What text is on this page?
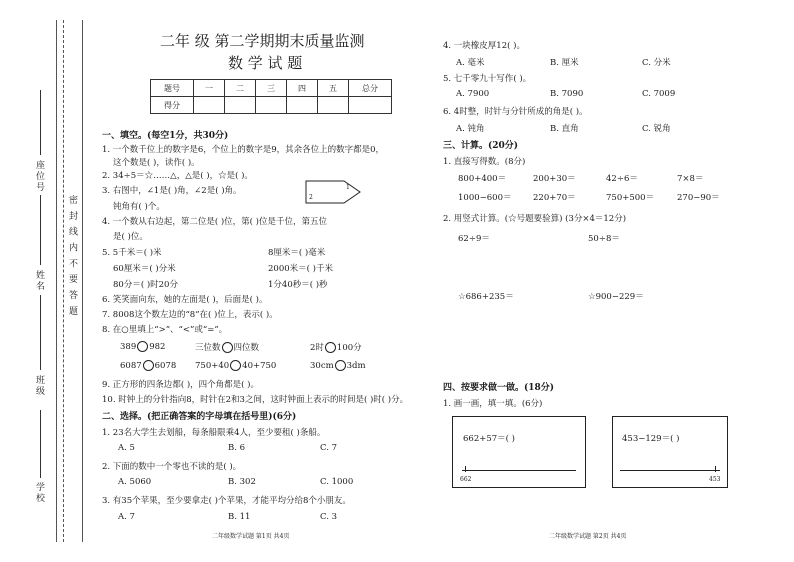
密 封 线 内 不 要 答 题
座位号
姓名
班级
学校
二年 级 第二学期期末质量监测
数 学 试 题
题号	一	二	三	四	五	总分
得分						
一、填空。(每空1分，共30分)
1. 一个数千位上的数字是6，个位上的数字是9，其余各位上的数字都是0，
这个数是( )，读作( )。
2. 34÷5＝☆……△，△是( )，☆是( )。
3. 右图中，∠1是( )角，∠2是( )角。
钝角有( )个。
1
2
4. 一个数从右边起，第二位是( )位，第( )位是千位，第五位
是( )位。
5. 5千米＝( )米	8厘米＝( )毫米
60厘米＝( )分米	2000米＝( )千米
80分＝( )时20分	1分40秒＝( )秒
6. 笑笑面向东，她的左面是( )，后面是( )。
7. 8008这个数左边的“8”在( )位上，表示( )。
8. 在○里填上“>”、“<”或“=”。
389 982	三位数 四位数	2时 100分
6087 6078 750+40 40+750	30cm 3dm
9. 正方形的四条边都( )，四个角都是( )。
10. 时钟上的分针指向8，时针在2和3之间，这时钟面上表示的时间是( )时( )分。
二、选择。(把正确答案的字母填在括号里)(6分)
1. 23名大学生去划船，每条船限乘4人，至少要租( )条船。
A. 5	B. 6	C. 7
2. 下面的数中一个零也不读的是( )。
A. 5060	B. 302	C. 1000
3. 有35个苹果，至少要拿走( )个苹果，才能平均分给8个小朋友。
A. 7	B. 11	C. 3
二年级数学试题 第1页 共4页
4. 一块橡皮厚12( )。
A. 毫米	B. 厘米	C. 分米
5. 七千零九十写作( )。
A. 7900	B. 7090	C. 7009
6. 4时整，时针与分针所成的角是( )。
A. 钝角	B. 直角	C. 锐角
三、计算。(20分)
1. 直接写得数。(8分)
800+400＝	200+30＝	42÷6＝	7×8＝
1000−600＝	220+70＝	750+500＝	270−90＝
2. 用竖式计算。(☆号题要验算) (3分×4＝12分)
62÷9＝	50÷8＝
☆686+235＝	☆900−229＝
四、按要求做一做。(18分)
1. 画一画，填一填。(6分)
662+57＝( )
662
453−129＝( )
453
二年级数学试题 第2页 共4页
